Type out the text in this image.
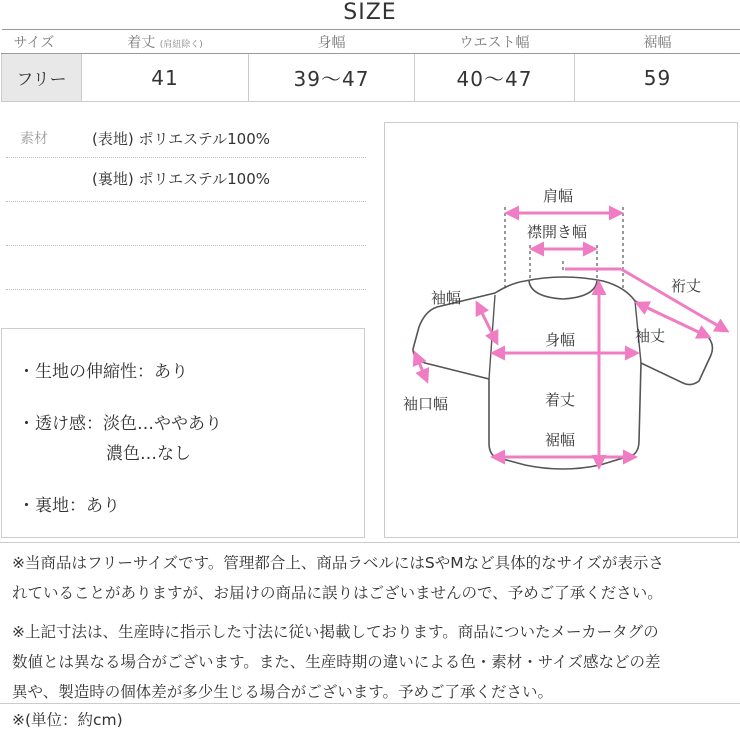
SIZE
サイズ	着丈 (肩紐除く)	身幅	ウエスト幅	裾幅
フリー	41	39～47	40～47	59
素材	(表地) ポリエステル100%
(裏地) ポリエステル100%
・生地の伸縮性：あり
・透け感：淡色…ややあり
濃色…なし
・裏地：あり
肩幅
襟開き幅
裄丈
袖幅
袖丈
身幅
袖口幅	着丈
裾幅
※当商品はフリーサイズです。管理都合上、商品ラベルにはSやMなど具体的なサイズが表示さ
れていることがありますが、お届けの商品に誤りはございませんので、予めご了承ください。
※上記寸法は、生産時に指示した寸法に従い掲載しております。商品についたメーカータグの
数値とは異なる場合がございます。また、生産時期の違いによる色・素材・サイズ感などの差
異や、製造時の個体差が多少生じる場合がございます。予めご了承ください。
※(単位：約cm)
